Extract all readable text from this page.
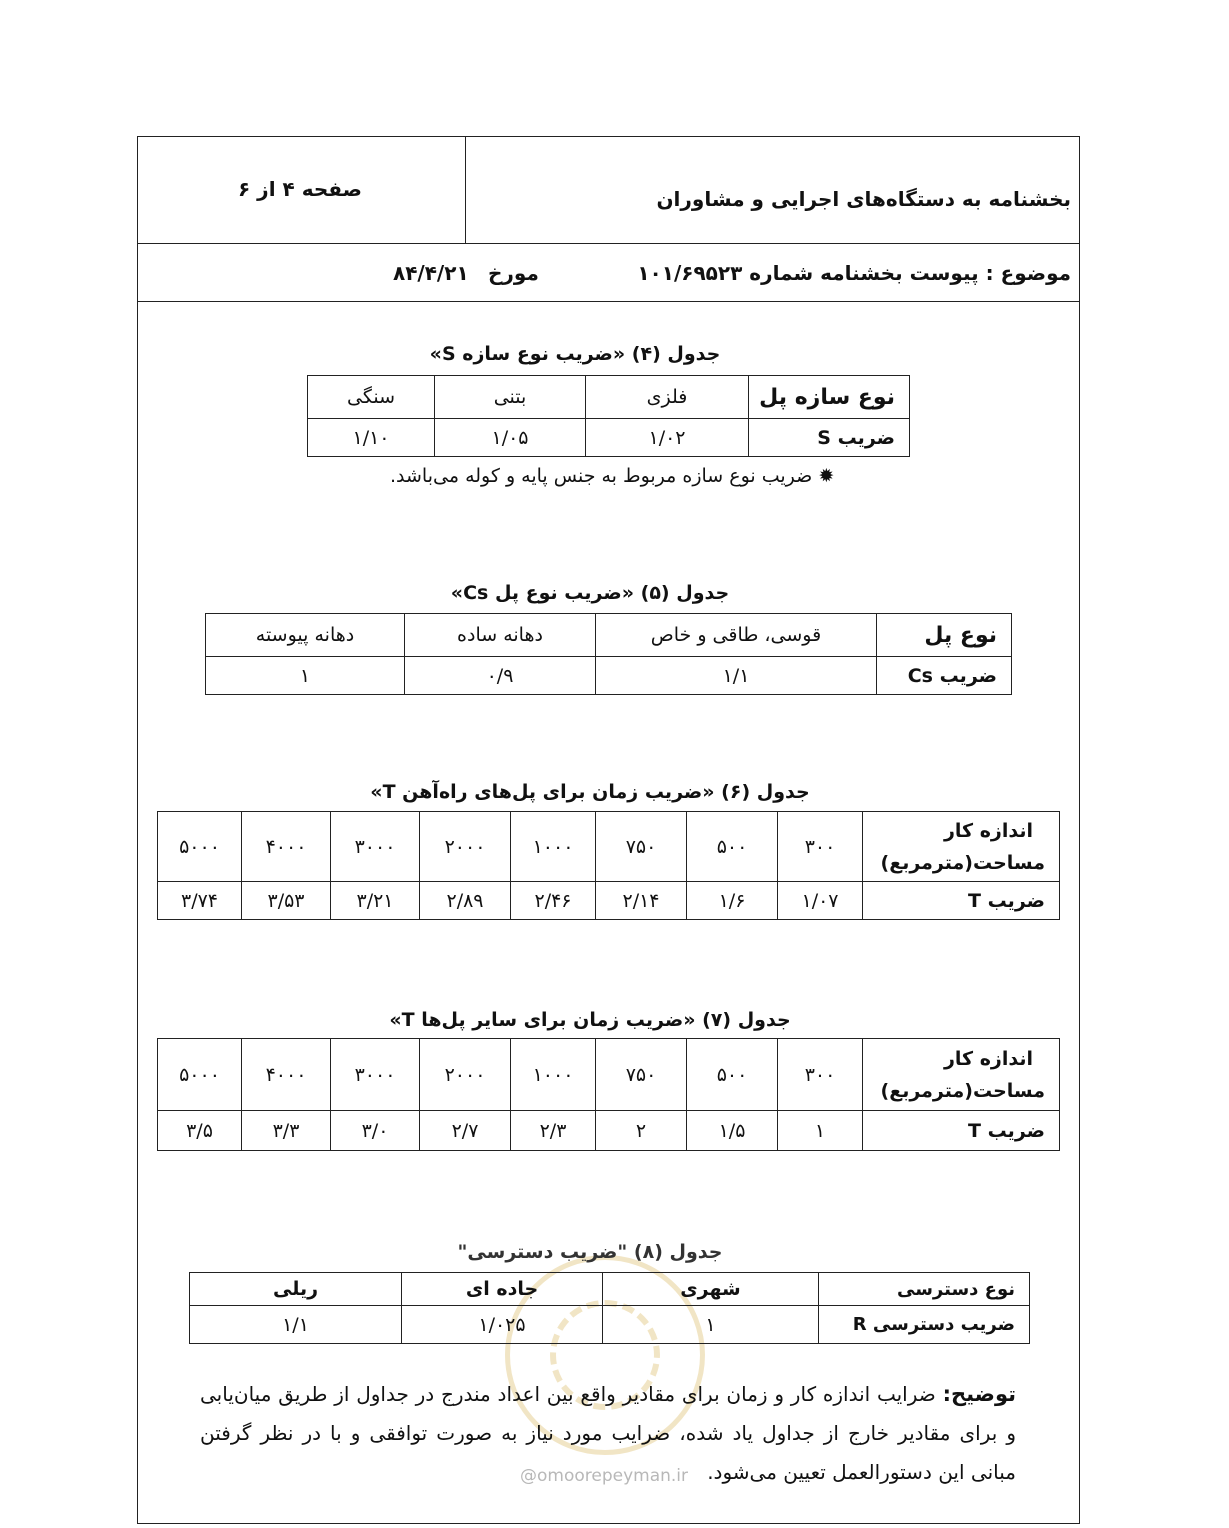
صفحه ۴ از ۶	بخشنامه به دستگاه‌های اجرایی و مشاوران
موضوع : پیوست بخشنامه شماره ۱۰۱/۶۹۵۲۳
مورخ
۸۴/۴/۲۱
جدول (۴) «ضریب نوع سازه S»
نوع سازه پل	فلزی	بتنی	سنگی
ضریب S	۱/۰۲	۱/۰۵	۱/۱۰
✹ ضریب نوع سازه مربوط به جنس پایه و کوله می‌باشد.
جدول (۵) «ضریب نوع پل Cs»
نوع پل	قوسی، طاقی و خاص	دهانه ساده	دهانه پیوسته
ضریب Cs	۱/۱	۰/۹	۱
جدول (۶) «ضریب زمان برای پل‌های راه‌آهن T»
اندازه کار
مساحت(مترمربع)	۳۰۰	۵۰۰	۷۵۰	۱۰۰۰	۲۰۰۰	۳۰۰۰	۴۰۰۰	۵۰۰۰
ضریب T	۱/۰۷	۱/۶	۲/۱۴	۲/۴۶	۲/۸۹	۳/۲۱	۳/۵۳	۳/۷۴
جدول (۷) «ضریب زمان برای سایر پل‌ها T»
اندازه کار
مساحت(مترمربع)	۳۰۰	۵۰۰	۷۵۰	۱۰۰۰	۲۰۰۰	۳۰۰۰	۴۰۰۰	۵۰۰۰
ضریب T	۱	۱/۵	۲	۲/۳	۲/۷	۳/۰	۳/۳	۳/۵
جدول (۸) "ضریب دسترسی"
نوع دسترسی	شهری	جاده ای	ریلی
ضریب دسترسی R	۱	۱/۰۲۵	۱/۱
توضیح: ضرایب اندازه کار و زمان برای مقادیر واقع بین اعداد مندرج در جداول از طریق میان‌یابی و برای مقادیر خارج از جداول یاد شده، ضرایب مورد نیاز به صورت توافقی و با در نظر گرفتن مبانی این دستورالعمل تعیین می‌شود.
@omoorepeyman.ir
